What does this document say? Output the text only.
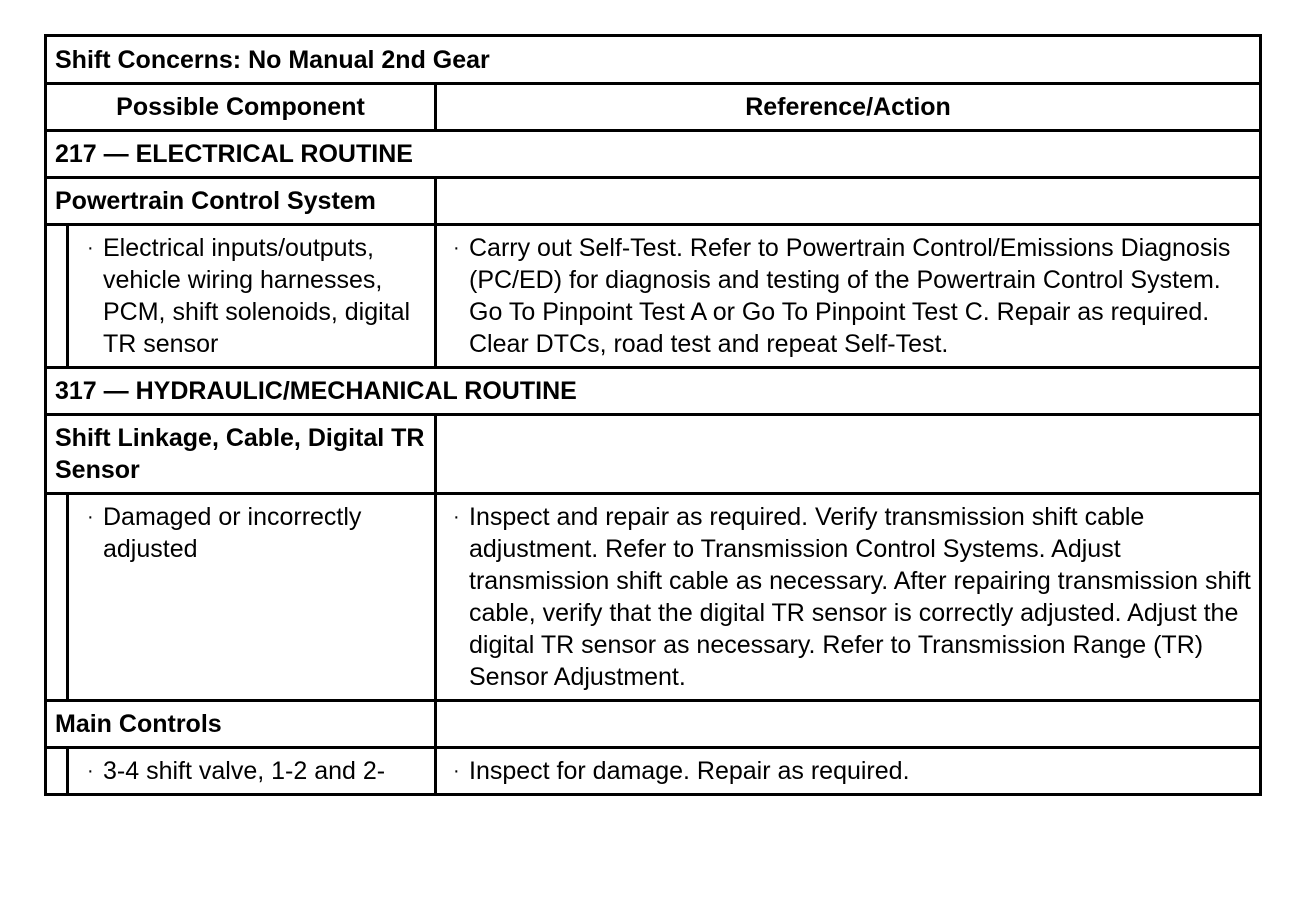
Shift Concerns: No Manual 2nd Gear
Possible Component	Reference/Action
217 — ELECTRICAL ROUTINE
Powertrain Control System
· Electrical inputs/outputs, vehicle wiring harnesses, PCM, shift solenoids, digital TR sensor
· Carry out Self-Test. Refer to Powertrain Control/Emissions Diagnosis (PC/ED) for diagnosis and testing of the Powertrain Control System. Go To Pinpoint Test A or Go To Pinpoint Test C. Repair as required. Clear DTCs, road test and repeat Self-Test.
317 — HYDRAULIC/MECHANICAL ROUTINE
Shift Linkage, Cable, Digital TR Sensor
· Damaged or incorrectly adjusted
· Inspect and repair as required. Verify transmission shift cable adjustment. Refer to Transmission Control Systems. Adjust transmission shift cable as necessary. After repairing transmission shift cable, verify that the digital TR sensor is correctly adjusted. Adjust the digital TR sensor as necessary. Refer to Transmission Range (TR) Sensor Adjustment.
Main Controls
· 3-4 shift valve, 1-2 and 2-	· Inspect for damage. Repair as required.
